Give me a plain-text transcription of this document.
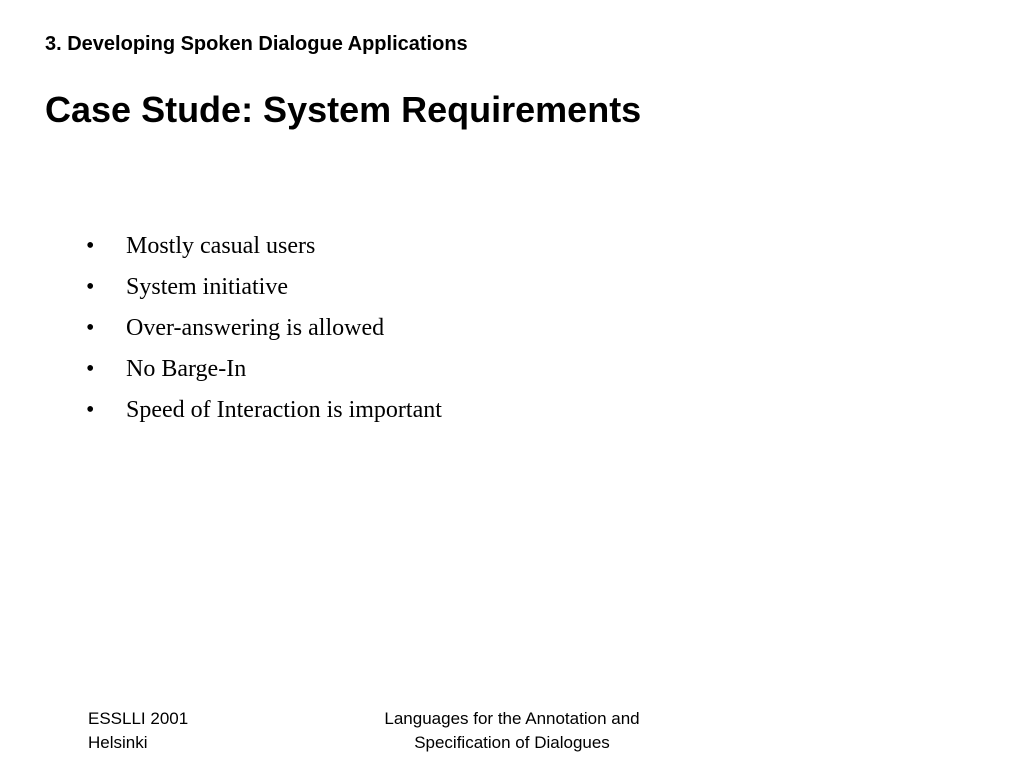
3. Developing Spoken Dialogue Applications
Case Stude: System Requirements
•	Mostly casual users
•	System initiative
•	Over-answering is allowed
•	No Barge-In
•	Speed of Interaction is important
ESSLLI 2001
Helsinki
Languages for the Annotation and
Specification of Dialogues
